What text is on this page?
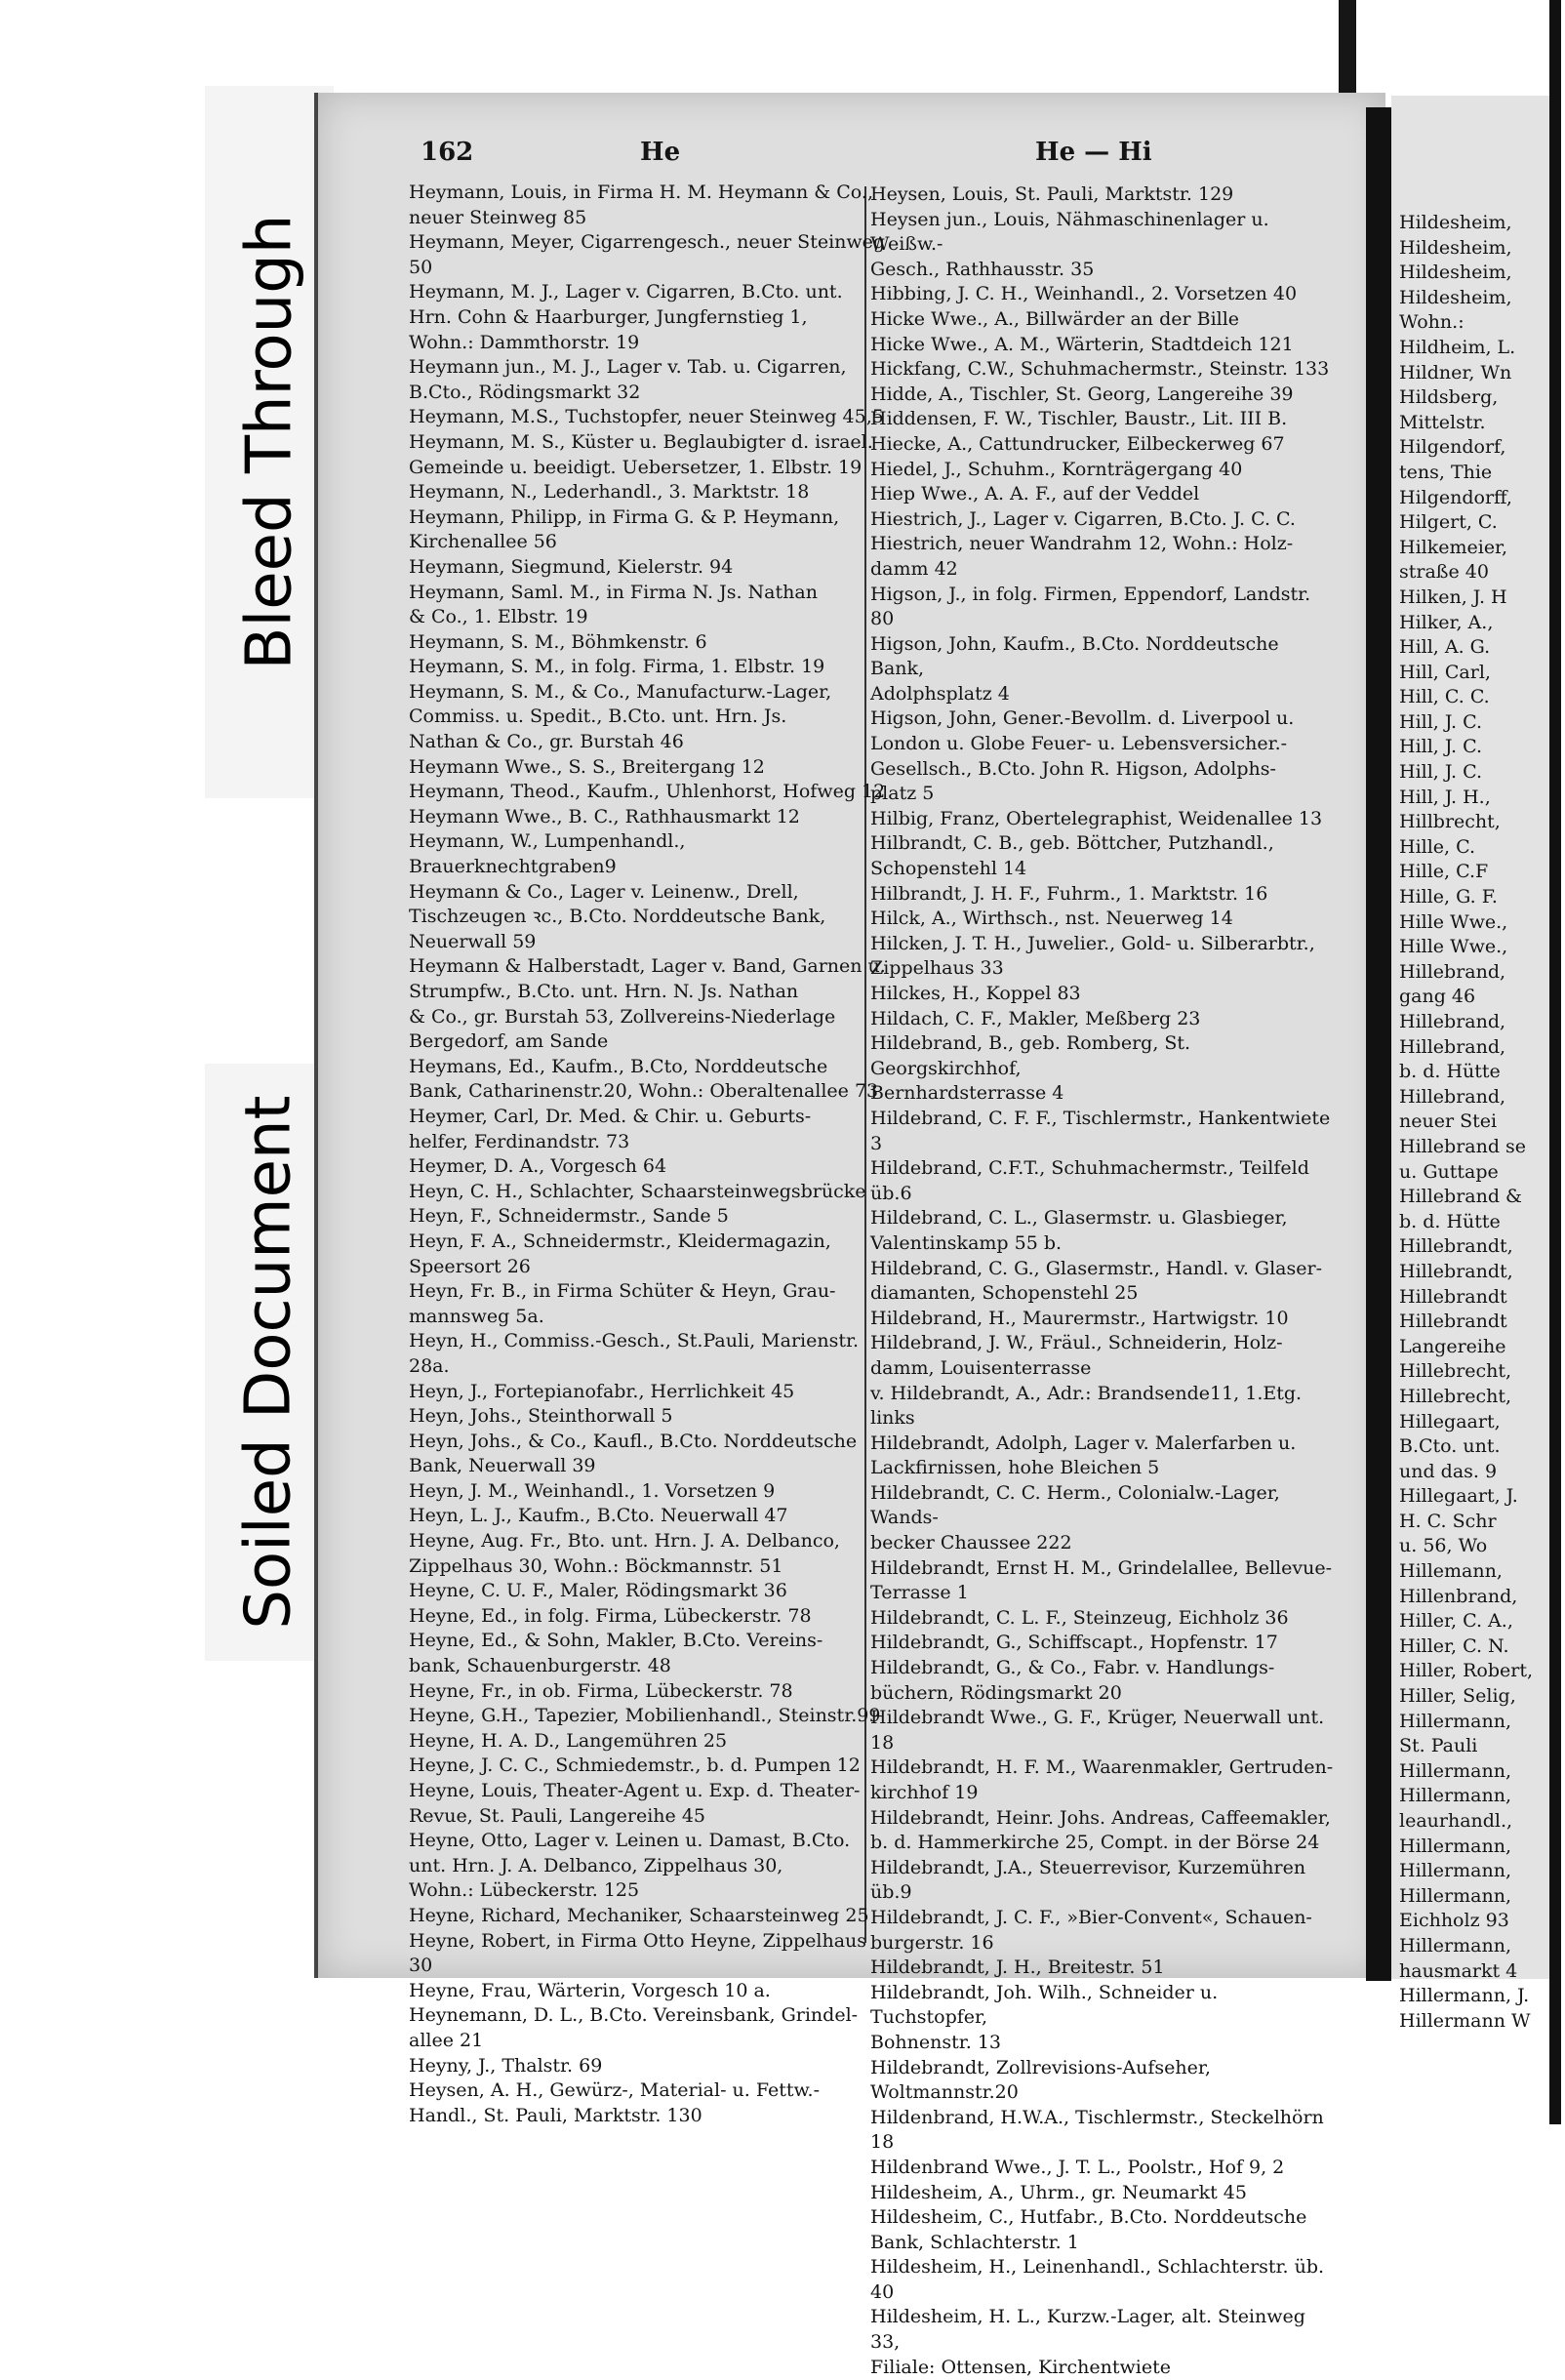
Bleed Through
Soiled Document
162	He	He — Hi
Heymann, Louis, in Firma H. M. Heymann & Co.,
neuer Steinweg 85
Heymann, Meyer, Cigarrengesch., neuer Steinweg 50
Heymann, M. J., Lager v. Cigarren, B.Cto. unt.
Hrn. Cohn & Haarburger, Jungfernstieg 1,
Wohn.: Dammthorstr. 19
Heymann jun., M. J., Lager v. Tab. u. Cigarren,
B.Cto., Rödingsmarkt 32
Heymann, M.S., Tuchstopfer, neuer Steinweg 45,5
Heymann, M. S., Küster u. Beglaubigter d. israel.
Gemeinde u. beeidigt. Uebersetzer, 1. Elbstr. 19
Heymann, N., Lederhandl., 3. Marktstr. 18
Heymann, Philipp, in Firma G. & P. Heymann,
Kirchenallee 56
Heymann, Siegmund, Kielerstr. 94
Heymann, Saml. M., in Firma N. Js. Nathan
& Co., 1. Elbstr. 19
Heymann, S. M., Böhmkenstr. 6
Heymann, S. M., in folg. Firma, 1. Elbstr. 19
Heymann, S. M., & Co., Manufacturw.-Lager,
Commiss. u. Spedit., B.Cto. unt. Hrn. Js.
Nathan & Co., gr. Burstah 46
Heymann Wwe., S. S., Breitergang 12
Heymann, Theod., Kaufm., Uhlenhorst, Hofweg 12
Heymann Wwe., B. C., Rathhausmarkt 12
Heymann, W., Lumpenhandl., Brauerknechtgraben9
Heymann & Co., Lager v. Leinenw., Drell,
Tischzeugen ꝛc., B.Cto. Norddeutsche Bank,
Neuerwall 59
Heymann & Halberstadt, Lager v. Band, Garnen u.
Strumpfw., B.Cto. unt. Hrn. N. Js. Nathan
& Co., gr. Burstah 53, Zollvereins-Niederlage
Bergedorf, am Sande
Heymans, Ed., Kaufm., B.Cto, Norddeutsche
Bank, Catharinenstr.20, Wohn.: Oberaltenallee 73
Heymer, Carl, Dr. Med. & Chir. u. Geburts-
helfer, Ferdinandstr. 73
Heymer, D. A., Vorgesch 64
Heyn, C. H., Schlachter, Schaarsteinwegsbrücke
Heyn, F., Schneidermstr., Sande 5
Heyn, F. A., Schneidermstr., Kleidermagazin,
Speersort 26
Heyn, Fr. B., in Firma Schüter & Heyn, Grau-
mannsweg 5a.
Heyn, H., Commiss.-Gesch., St.Pauli, Marienstr. 28a.
Heyn, J., Fortepianofabr., Herrlichkeit 45
Heyn, Johs., Steinthorwall 5
Heyn, Johs., & Co., Kaufl., B.Cto. Norddeutsche
Bank, Neuerwall 39
Heyn, J. M., Weinhandl., 1. Vorsetzen 9
Heyn, L. J., Kaufm., B.Cto. Neuerwall 47
Heyne, Aug. Fr., Bto. unt. Hrn. J. A. Delbanco,
Zippelhaus 30, Wohn.: Böckmannstr. 51
Heyne, C. U. F., Maler, Rödingsmarkt 36
Heyne, Ed., in folg. Firma, Lübeckerstr. 78
Heyne, Ed., & Sohn, Makler, B.Cto. Vereins-
bank, Schauenburgerstr. 48
Heyne, Fr., in ob. Firma, Lübeckerstr. 78
Heyne, G.H., Tapezier, Mobilienhandl., Steinstr.99
Heyne, H. A. D., Langemühren 25
Heyne, J. C. C., Schmiedemstr., b. d. Pumpen 12
Heyne, Louis, Theater-Agent u. Exp. d. Theater-
Revue, St. Pauli, Langereihe 45
Heyne, Otto, Lager v. Leinen u. Damast, B.Cto.
unt. Hrn. J. A. Delbanco, Zippelhaus 30,
Wohn.: Lübeckerstr. 125
Heyne, Richard, Mechaniker, Schaarsteinweg 25
Heyne, Robert, in Firma Otto Heyne, Zippelhaus 30
Heyne, Frau, Wärterin, Vorgesch 10 a.
Heynemann, D. L., B.Cto. Vereinsbank, Grindel-
allee 21
Heyny, J., Thalstr. 69
Heysen, A. H., Gewürz-, Material- u. Fettw.-
Handl., St. Pauli, Marktstr. 130
Heysen, Louis, St. Pauli, Marktstr. 129
Heysen jun., Louis, Nähmaschinenlager u. Weißw.-
Gesch., Rathhausstr. 35
Hibbing, J. C. H., Weinhandl., 2. Vorsetzen 40
Hicke Wwe., A., Billwärder an der Bille
Hicke Wwe., A. M., Wärterin, Stadtdeich 121
Hickfang, C.W., Schuhmachermstr., Steinstr. 133
Hidde, A., Tischler, St. Georg, Langereihe 39
Hiddensen, F. W., Tischler, Baustr., Lit. III B.
Hiecke, A., Cattundrucker, Eilbeckerweg 67
Hiedel, J., Schuhm., Kornträgergang 40
Hiep Wwe., A. A. F., auf der Veddel
Hiestrich, J., Lager v. Cigarren, B.Cto. J. C. C.
Hiestrich, neuer Wandrahm 12, Wohn.: Holz-
damm 42
Higson, J., in folg. Firmen, Eppendorf, Landstr. 80
Higson, John, Kaufm., B.Cto. Norddeutsche Bank,
Adolphsplatz 4
Higson, John, Gener.-Bevollm. d. Liverpool u.
London u. Globe Feuer- u. Lebensversicher.-
Gesellsch., B.Cto. John R. Higson, Adolphs-
platz 5
Hilbig, Franz, Obertelegraphist, Weidenallee 13
Hilbrandt, C. B., geb. Böttcher, Putzhandl.,
Schopenstehl 14
Hilbrandt, J. H. F., Fuhrm., 1. Marktstr. 16
Hilck, A., Wirthsch., nst. Neuerweg 14
Hilcken, J. T. H., Juwelier., Gold- u. Silberarbtr.,
Zippelhaus 33
Hilckes, H., Koppel 83
Hildach, C. F., Makler, Meßberg 23
Hildebrand, B., geb. Romberg, St. Georgskirchhof,
Bernhardsterrasse 4
Hildebrand, C. F. F., Tischlermstr., Hankentwiete 3
Hildebrand, C.F.T., Schuhmachermstr., Teilfeld üb.6
Hildebrand, C. L., Glasermstr. u. Glasbieger,
Valentinskamp 55 b.
Hildebrand, C. G., Glasermstr., Handl. v. Glaser-
diamanten, Schopenstehl 25
Hildebrand, H., Maurermstr., Hartwigstr. 10
Hildebrand, J. W., Fräul., Schneiderin, Holz-
damm, Louisenterrasse
v. Hildebrandt, A., Adr.: Brandsende11, 1.Etg. links
Hildebrandt, Adolph, Lager v. Malerfarben u.
Lackfirnissen, hohe Bleichen 5
Hildebrandt, C. C. Herm., Colonialw.-Lager, Wands-
becker Chaussee 222
Hildebrandt, Ernst H. M., Grindelallee, Bellevue-
Terrasse 1
Hildebrandt, C. L. F., Steinzeug, Eichholz 36
Hildebrandt, G., Schiffscapt., Hopfenstr. 17
Hildebrandt, G., & Co., Fabr. v. Handlungs-
büchern, Rödingsmarkt 20
Hildebrandt Wwe., G. F., Krüger, Neuerwall unt. 18
Hildebrandt, H. F. M., Waarenmakler, Gertruden-
kirchhof 19
Hildebrandt, Heinr. Johs. Andreas, Caffeemakler,
b. d. Hammerkirche 25, Compt. in der Börse 24
Hildebrandt, J.A., Steuerrevisor, Kurzemühren üb.9
Hildebrandt, J. C. F., »Bier-Convent«, Schauen-
burgerstr. 16
Hildebrandt, J. H., Breitestr. 51
Hildebrandt, Joh. Wilh., Schneider u. Tuchstopfer,
Bohnenstr. 13
Hildebrandt, Zollrevisions-Aufseher, Woltmannstr.20
Hildenbrand, H.W.A., Tischlermstr., Steckelhörn 18
Hildenbrand Wwe., J. T. L., Poolstr., Hof 9, 2
Hildesheim, A., Uhrm., gr. Neumarkt 45
Hildesheim, C., Hutfabr., B.Cto. Norddeutsche
Bank, Schlachterstr. 1
Hildesheim, H., Leinenhandl., Schlachterstr. üb. 40
Hildesheim, H. L., Kurzw.-Lager, alt. Steinweg 33,
Filiale: Ottensen, Kirchentwiete
Hildesheim,
Hildesheim,
Hildesheim,
Hildesheim,
Wohn.:
Hildheim, L.
Hildner, Wn
Hildsberg,
Mittelstr.
Hilgendorf,
tens, Thie
Hilgendorff,
Hilgert, C.
Hilkemeier,
straße 40
Hilken, J. H
Hilker, A.,
Hill, A. G.
Hill, Carl,
Hill, C. C.
Hill, J. C.
Hill, J. C.
Hill, J. C.
Hill, J. H.,
Hillbrecht,
Hille, C.
Hille, C.F
Hille, G. F.
Hille Wwe.,
Hille Wwe.,
Hillebrand,
gang 46
Hillebrand,
Hillebrand,
b. d. Hütte
Hillebrand,
neuer Stei
Hillebrand se
u. Guttape
Hillebrand &
b. d. Hütte
Hillebrandt,
Hillebrandt,
Hillebrandt
Hillebrandt
Langereihe
Hillebrecht,
Hillebrecht,
Hillegaart,
B.Cto. unt.
und das. 9
Hillegaart, J.
H. C. Schr
u. 56, Wo
Hillemann,
Hillenbrand,
Hiller, C. A.,
Hiller, C. N.
Hiller, Robert,
Hiller, Selig,
Hillermann,
St. Pauli
Hillermann,
Hillermann,
leaurhandl.,
Hillermann,
Hillermann,
Hillermann,
Eichholz 93
Hillermann,
hausmarkt 4
Hillermann, J.
Hillermann W
